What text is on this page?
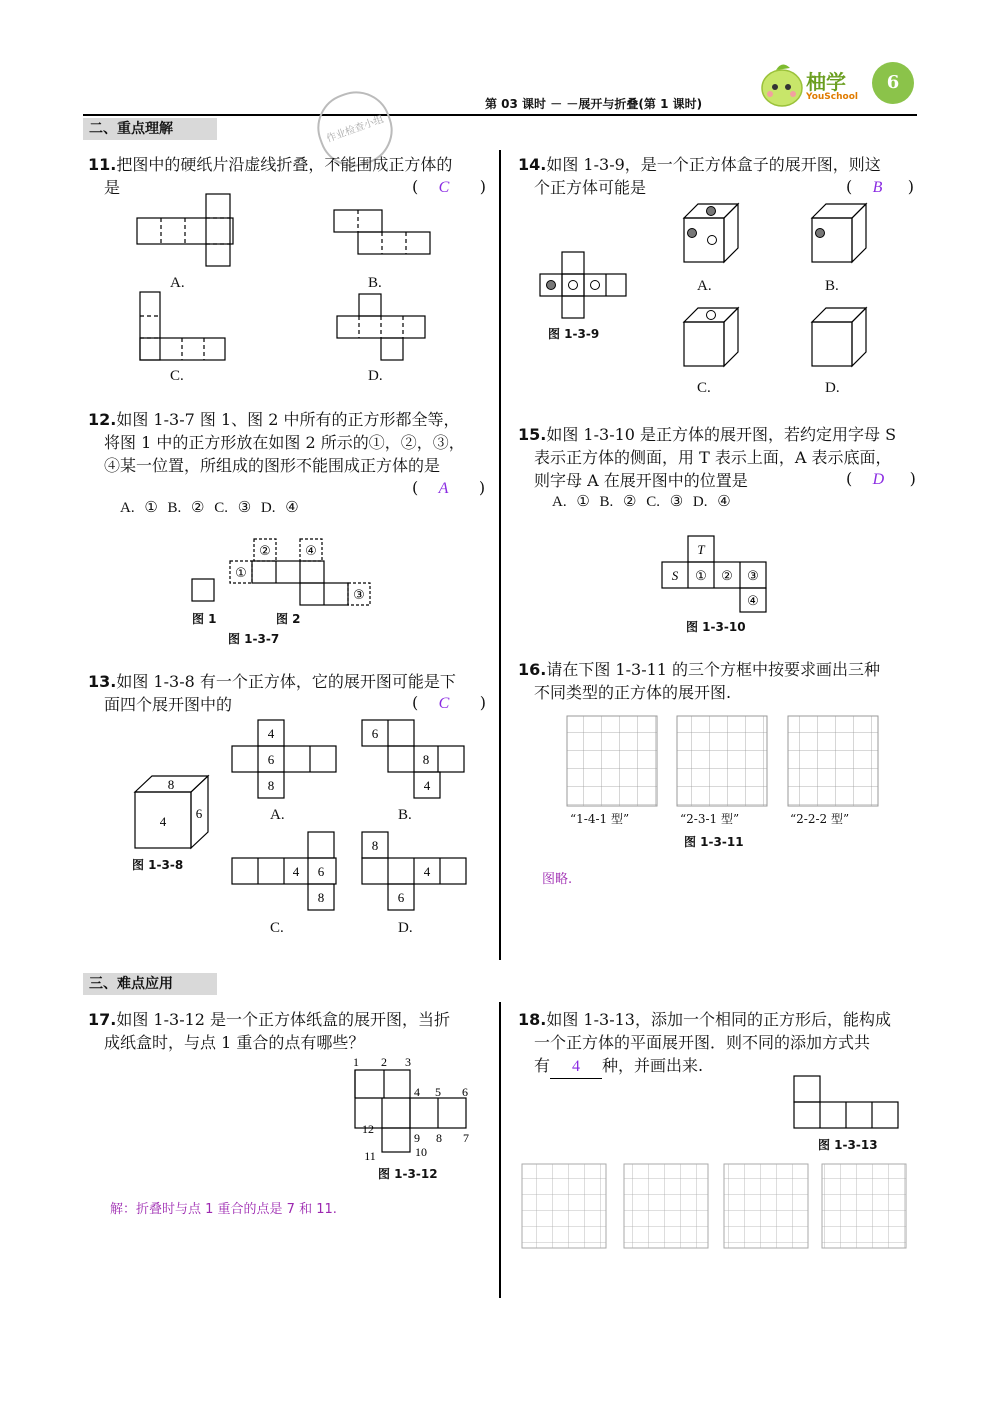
第 03 课时 － －展开与折叠(第 1 课时)
柚学
YouSchool
6
作业检查小组
二、重点理解
11.把图中的硬纸片沿虚线折叠，不能围成正方体的
是	(    C      )
A.	B.
C.	D.
12.如图 1-3-7 图 1、图 2 中所有的正方形都全等，
将图 1 中的正方形放在如图 2 所示的①，②，③，
④某一位置，所组成的图形不能围成正方体的是
(    A      )
A. ① B. ② C. ③ D. ④
①
②
③
④
图 1	图 2
图 1-3-7
13.如图 1-3-8 有一个正方体，它的展开图可能是下
面四个展开图中的	(    C      )
8
4
6
图 1-3-8
4
6
8
6
8
4
4 6
8
8
4
6
A.	B.
C.	D.
14.如图 1-3-9，是一个正方体盒子的展开图，则这
个正方体可能是	(    B     )
图 1-3-9
A.	B.
C.	D.
15.如图 1-3-10 是正方体的展开图，若约定用字母 S
表示正方体的侧面，用 T 表示上面，A 表示底面，
则字母 A 在展开图中的位置是	(    D     )
A. ① B. ② C. ③ D. ④
T
S ① ② ③
④
图 1-3-10
16.请在下图 1-3-11 的三个方框中按要求画出三种
不同类型的正方体的展开图.
“1-4-1 型”	“2-3-1 型”	“2-2-2 型”
图 1-3-11
图略.
三、难点应用
17.如图 1-3-12 是一个正方体纸盒的展开图，当折
成纸盒时，与点 1 重合的点有哪些？
1 2 3
4 5 6
7
8
9
10
11
12
图 1-3-12
解：折叠时与点 1 重合的点是 7 和 11.
18.如图 1-3-13，添加一个相同的正方形后，能构成
一个正方体的平面展开图．则不同的添加方式共
有 4 种，并画出来.
图 1-3-13
